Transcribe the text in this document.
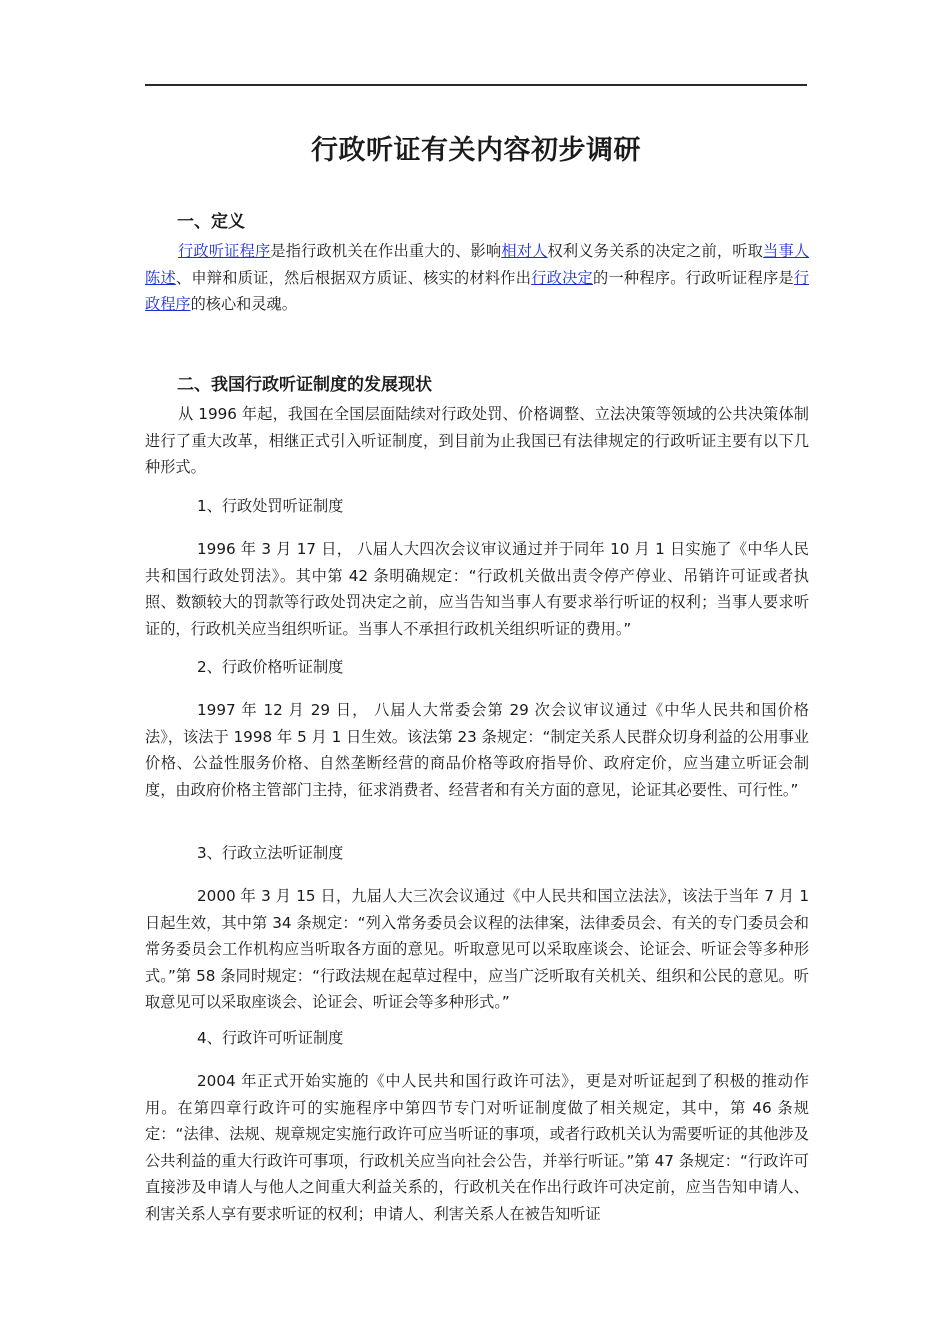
行政听证有关内容初步调研
一、定义
行政听证程序是指行政机关在作出重大的、影响相对人权利义务关系的决定之前，听取当事人陈述、申辩和质证，然后根据双方质证、核实的材料作出行政决定的一种程序。行政听证程序是行政程序的核心和灵魂。
二、我国行政听证制度的发展现状
从 1996 年起，我国在全国层面陆续对行政处罚、价格调整、立法决策等领域的公共决策体制进行了重大改革，相继正式引入听证制度，到目前为止我国已有法律规定的行政听证主要有以下几种形式。
1、行政处罚听证制度
1996 年 3 月 17 日， 八届人大四次会议审议通过并于同年 10 月 1 日实施了《中华人民共和国行政处罚法》。其中第 42 条明确规定：“行政机关做出责令停产停业、吊销许可证或者执照、数额较大的罚款等行政处罚决定之前，应当告知当事人有要求举行听证的权利；当事人要求听证的，行政机关应当组织听证。当事人不承担行政机关组织听证的费用。”
2、行政价格听证制度
1997 年 12 月 29 日， 八届人大常委会第 29 次会议审议通过《中华人民共和国价格法》，该法于 1998 年 5 月 1 日生效。该法第 23 条规定：“制定关系人民群众切身利益的公用事业价格、公益性服务价格、自然垄断经营的商品价格等政府指导价、政府定价，应当建立听证会制度，由政府价格主管部门主持，征求消费者、经营者和有关方面的意见，论证其必要性、可行性。”
3、行政立法听证制度
2000 年 3 月 15 日，九届人大三次会议通过《中人民共和国立法法》，该法于当年 7 月 1 日起生效，其中第 34 条规定：“列入常务委员会议程的法律案，法律委员会、有关的专门委员会和常务委员会工作机构应当听取各方面的意见。听取意见可以采取座谈会、论证会、听证会等多种形式。”第 58 条同时规定：“行政法规在起草过程中，应当广泛听取有关机关、组织和公民的意见。听取意见可以采取座谈会、论证会、听证会等多种形式。”
4、行政许可听证制度
2004 年正式开始实施的《中人民共和国行政许可法》，更是对听证起到了积极的推动作用。在第四章行政许可的实施程序中第四节专门对听证制度做了相关规定，其中，第 46 条规定：“法律、法规、规章规定实施行政许可应当听证的事项，或者行政机关认为需要听证的其他涉及公共利益的重大行政许可事项，行政机关应当向社会公告，并举行听证。”第 47 条规定：“行政许可直接涉及申请人与他人之间重大利益关系的，行政机关在作出行政许可决定前，应当告知申请人、利害关系人享有要求听证的权利；申请人、利害关系人在被告知听证
